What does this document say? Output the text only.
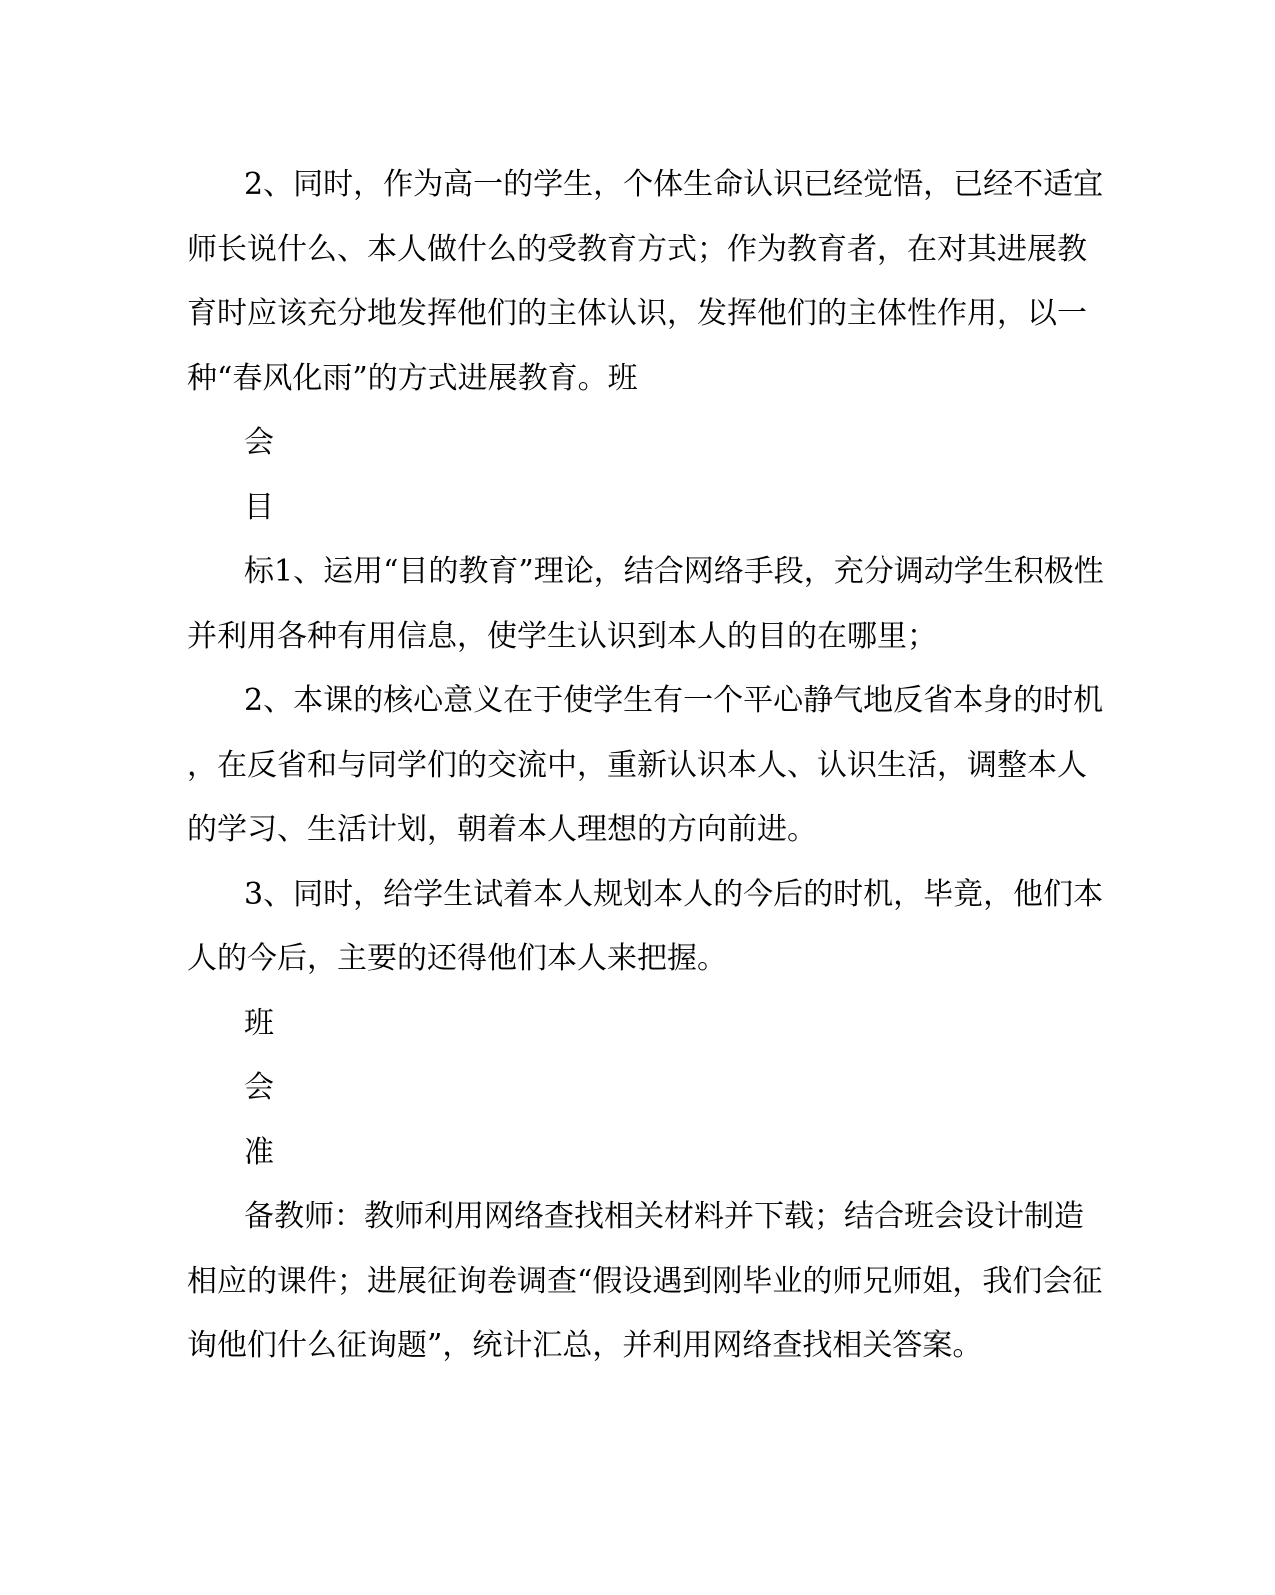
2、同时，作为高一的学生，个体生命认识已经觉悟，已经不适宜
师长说什么、本人做什么的受教育方式；作为教育者，在对其进展教
育时应该充分地发挥他们的主体认识，发挥他们的主体性作用，以一
种“春风化雨”的方式进展教育。班
会
目
标1、运用“目的教育”理论，结合网络手段，充分调动学生积极性
并利用各种有用信息，使学生认识到本人的目的在哪里；
2、本课的核心意义在于使学生有一个平心静气地反省本身的时机
，在反省和与同学们的交流中，重新认识本人、认识生活，调整本人
的学习、生活计划，朝着本人理想的方向前进。
3、同时，给学生试着本人规划本人的今后的时机，毕竟，他们本
人的今后，主要的还得他们本人来把握。
班
会
准
备教师：教师利用网络查找相关材料并下载；结合班会设计制造
相应的课件；进展征询卷调查“假设遇到刚毕业的师兄师姐，我们会征
询他们什么征询题”，统计汇总，并利用网络查找相关答案。
